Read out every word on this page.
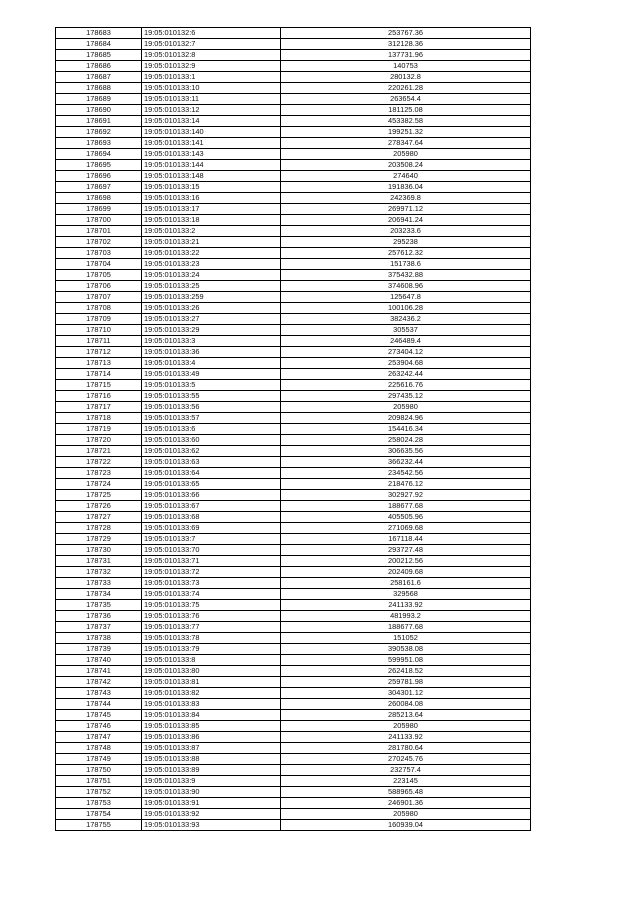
178683	19:05:010132:6	253767.36
178684	19:05:010132:7	312128.36
178685	19:05:010132:8	137731.96
178686	19:05:010132:9	140753
178687	19:05:010133:1	280132.8
178688	19:05:010133:10	220261.28
178689	19:05:010133:11	263654.4
178690	19:05:010133:12	181125.08
178691	19:05:010133:14	453382.58
178692	19:05:010133:140	199251.32
178693	19:05:010133:141	278347.64
178694	19:05:010133:143	205980
178695	19:05:010133:144	203508.24
178696	19:05:010133:148	274640
178697	19:05:010133:15	191836.04
178698	19:05:010133:16	242369.8
178699	19:05:010133:17	269971.12
178700	19:05:010133:18	206941.24
178701	19:05:010133:2	203233.6
178702	19:05:010133:21	295238
178703	19:05:010133:22	257612.32
178704	19:05:010133:23	151738.6
178705	19:05:010133:24	375432.88
178706	19:05:010133:25	374608.96
178707	19:05:010133:259	125647.8
178708	19:05:010133:26	100106.28
178709	19:05:010133:27	382436.2
178710	19:05:010133:29	305537
178711	19:05:010133:3	246489.4
178712	19:05:010133:36	273404.12
178713	19:05:010133:4	253904.68
178714	19:05:010133:49	263242.44
178715	19:05:010133:5	225616.76
178716	19:05:010133:55	297435.12
178717	19:05:010133:56	205980
178718	19:05:010133:57	209824.96
178719	19:05:010133:6	154416.34
178720	19:05:010133:60	258024.28
178721	19:05:010133:62	306635.56
178722	19:05:010133:63	366232.44
178723	19:05:010133:64	234542.56
178724	19:05:010133:65	218476.12
178725	19:05:010133:66	302927.92
178726	19:05:010133:67	188677.68
178727	19:05:010133:68	405505.96
178728	19:05:010133:69	271069.68
178729	19:05:010133:7	167118.44
178730	19:05:010133:70	293727.48
178731	19:05:010133:71	200212.56
178732	19:05:010133:72	202409.68
178733	19:05:010133:73	258161.6
178734	19:05:010133:74	329568
178735	19:05:010133:75	241133.92
178736	19:05:010133:76	481993.2
178737	19:05:010133:77	188677.68
178738	19:05:010133:78	151052
178739	19:05:010133:79	390538.08
178740	19:05:010133:8	599951.08
178741	19:05:010133:80	262418.52
178742	19:05:010133:81	259781.98
178743	19:05:010133:82	304301.12
178744	19:05:010133:83	260084.08
178745	19:05:010133:84	285213.64
178746	19:05:010133:85	205980
178747	19:05:010133:86	241133.92
178748	19:05:010133:87	281780.64
178749	19:05:010133:88	270245.76
178750	19:05:010133:89	232757.4
178751	19:05:010133:9	223145
178752	19:05:010133:90	588965.48
178753	19:05:010133:91	246901.36
178754	19:05:010133:92	205980
178755	19:05:010133:93	160939.04
